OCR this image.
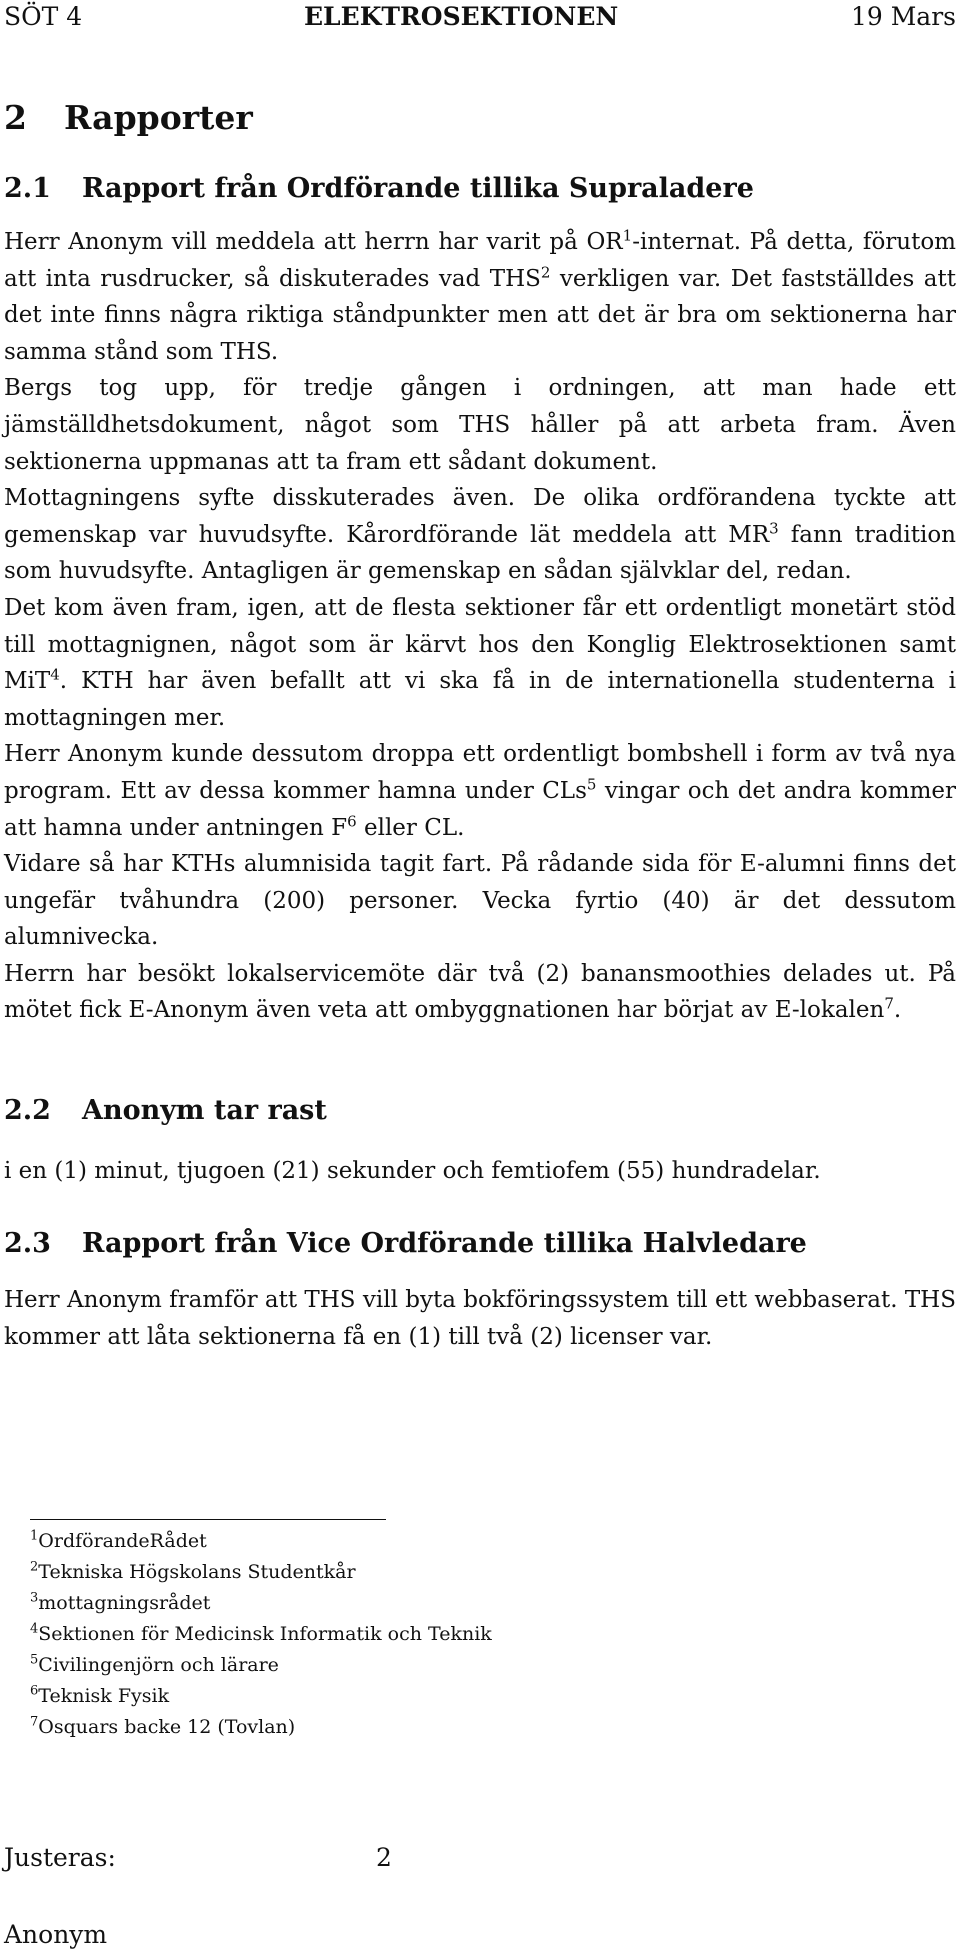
SÖT 4	ELEKTROSEKTIONEN	19 Mars
2 Rapporter
2.1 Rapport från Ordförande tillika Supraladere

Herr Anonym vill meddela att herrn har varit på $OR^1$-internat. På detta, förutom att inta rusdrucker, så diskuterades vad THS$^2$ verkligen var. Det fastställdes att det inte finns några riktiga ståndpunkter men att det är bra om sektionerna har samma stånd som THS.

Bergs tog upp, för tredje gången i ordningen, att man hade ett jämställdhetsdokument, något som THS håller på att arbeta fram. Även sektionerna uppmanas att ta fram ett sådant dokument.

Mottagningens syfte disskuterades även. De olika ordförandena tyckte att gemenskap var huvudsyfte. Kårordförande lät meddela att $MR^3$ fann tradition som huvudsyfte. Antagligen är gemenskap en sådan självklar del, redan.

Det kom även fram, igen, att de flesta sektioner får ett ordentligt monetärt stöd till mottagnignen, något som är kärvt hos den Konglig Elektrosektionen samt MiT$^4$. KTH har även befallt att vi ska få in de internationella studenterna i mottagningen mer.

Herr Anonym kunde dessutom droppa ett ordentligt bombshell i form av två nya program. Ett av dessa kommer hamna under CLs$^5$ vingar och det andra kommer att hamna under antningen $F^6$ eller CL.

Vidare så har KTHs alumnisida tagit fart. På rådande sida för E-alumni finns det ungefär tvåhundra (200) personer. Vecka fyrtio (40) är det dessutom alumnivecka.

Herrn har besökt lokalservicemöte där två (2) banansmoothies delades ut. På mötet fick E-Anonym även veta att ombyggnationen har börjat av E-lokalen$^7$.

2.2 Anonym tar rast

i en (1) minut, tjugoen (21) sekunder och femtiofem (55) hundradelar.

2.3 Rapport från Vice Ordförande tillika Halvledare

Herr Anonym framför att THS vill byta bokföringssystem till ett webbaserat. THS kommer att låta sektionerna få en (1) till två (2) licenser var.

$^1$OrdförandeRådet
$^2$Tekniska Högskolans Studentkår
$^3$mottagningsrådet
$^4$Sektionen för Medicinsk Informatik och Teknik
$^5$Civilingenjörn och lärare
$^6$Teknisk Fysik
$^7$Osquars backe 12 (Tovlan)
Justeras:	2
Anonym
